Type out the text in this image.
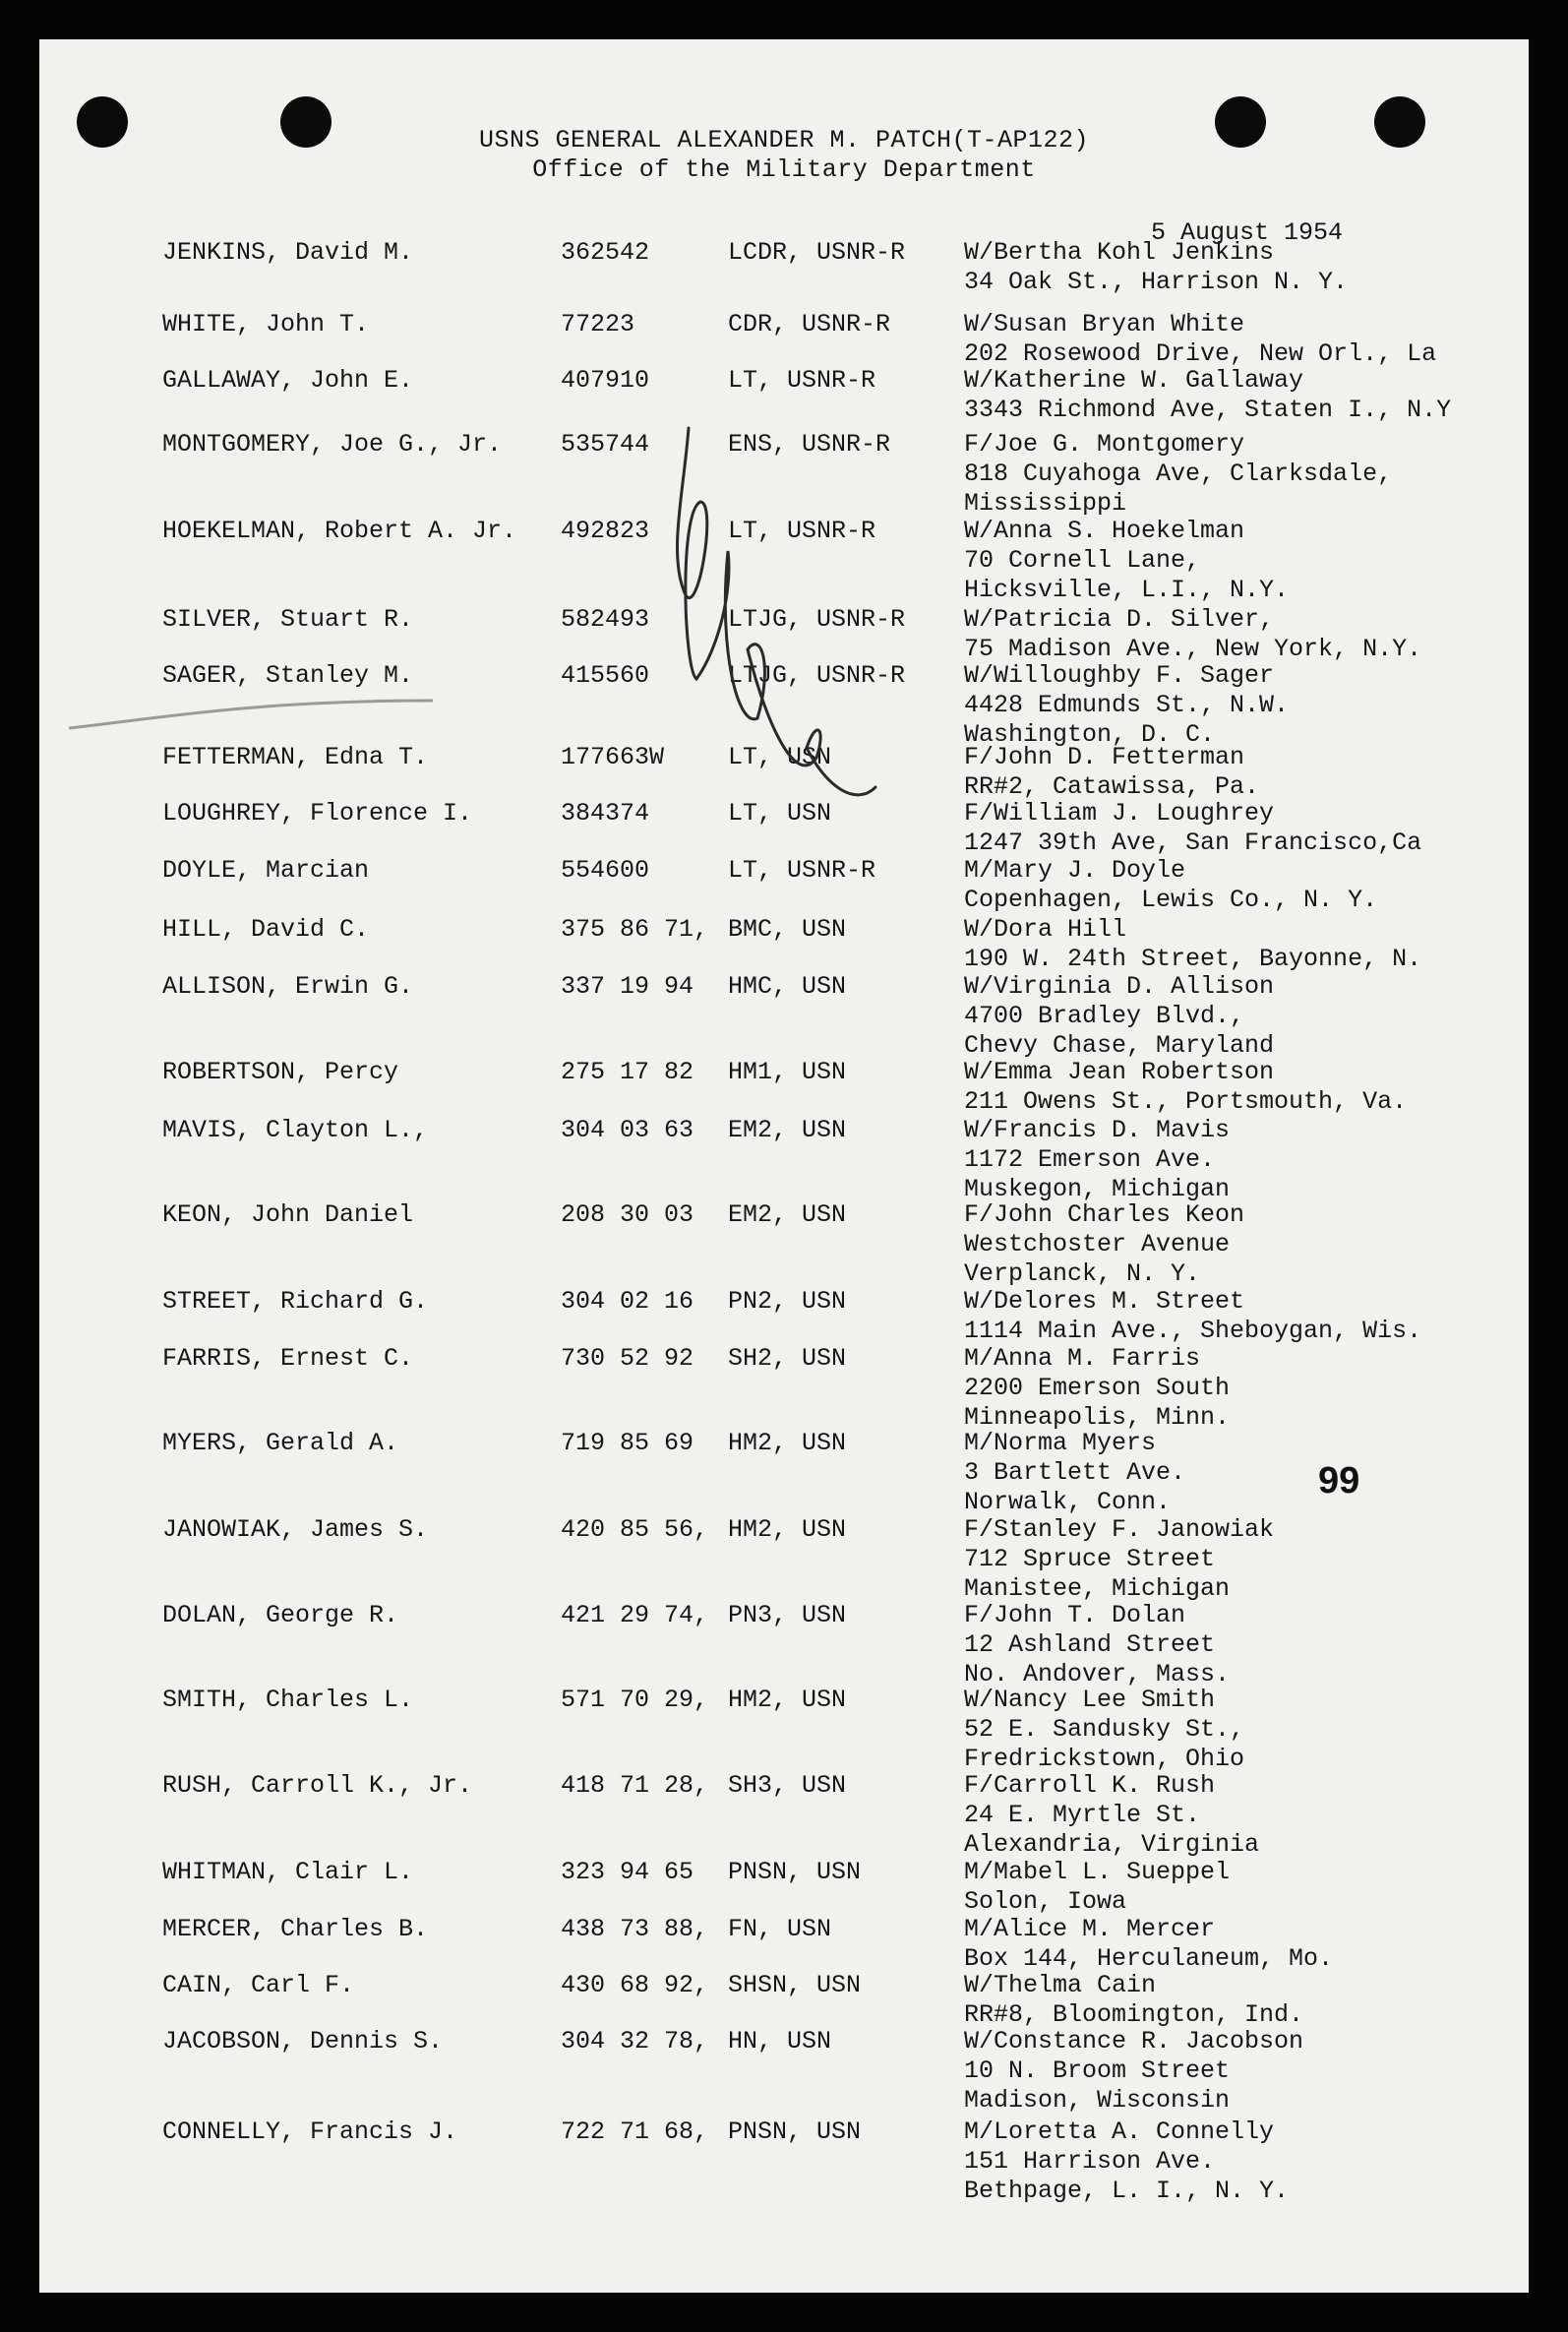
USNS GENERAL ALEXANDER M. PATCH(T-AP122)
Office of the Military Department
5 August 1954
JENKINS, David M.	362542	LCDR, USNR-R W/Bertha Kohl Jenkins
34 Oak St., Harrison N. Y.
WHITE, John T.	77223	CDR, USNR-R	W/Susan Bryan White
202 Rosewood Drive, New Orl., La
GALLAWAY, John E.	407910	LT, USNR-R	W/Katherine W. Gallaway
3343 Richmond Ave, Staten I., N.Y
MONTGOMERY, Joe G., Jr. 535744	ENS, USNR-R	F/Joe G. Montgomery
818 Cuyahoga Ave, Clarksdale,
Mississippi
HOEKELMAN, Robert A. Jr. 492823	LT, USNR-R	W/Anna S. Hoekelman
70 Cornell Lane,
Hicksville, L.I., N.Y.
SILVER, Stuart R.	582493	LTJG, USNR-R W/Patricia D. Silver,
75 Madison Ave., New York, N.Y.
SAGER, Stanley M.	415560	LTJG, USNR-R W/Willoughby F. Sager
4428 Edmunds St., N.W.
Washington, D. C.
FETTERMAN, Edna T.	177663W	LT, USN	F/John D. Fetterman
RR#2, Catawissa, Pa.
LOUGHREY, Florence I.	384374	LT, USN	F/William J. Loughrey
1247 39th Ave, San Francisco,Ca
DOYLE, Marcian	554600	LT, USNR-R	M/Mary J. Doyle
Copenhagen, Lewis Co., N. Y.
HILL, David C.	375 86 71, BMC, USN	W/Dora Hill
190 W. 24th Street, Bayonne, N.
ALLISON, Erwin G.	337 19 94 HMC, USN	W/Virginia D. Allison
4700 Bradley Blvd.,
Chevy Chase, Maryland
ROBERTSON, Percy	275 17 82 HM1, USN	W/Emma Jean Robertson
211 Owens St., Portsmouth, Va.
MAVIS, Clayton L.,	304 03 63 EM2, USN	W/Francis D. Mavis
1172 Emerson Ave.
Muskegon, Michigan
KEON, John Daniel	208 30 03 EM2, USN	F/John Charles Keon
Westchoster Avenue
Verplanck, N. Y.
STREET, Richard G.	304 02 16 PN2, USN	W/Delores M. Street
1114 Main Ave., Sheboygan, Wis.
FARRIS, Ernest C.	730 52 92 SH2, USN	M/Anna M. Farris
2200 Emerson South
Minneapolis, Minn.
MYERS, Gerald A.	719 85 69 HM2, USN	M/Norma Myers
3 Bartlett Ave.
Norwalk, Conn.
JANOWIAK, James S.	420 85 56, HM2, USN	F/Stanley F. Janowiak
712 Spruce Street
Manistee, Michigan
DOLAN, George R.	421 29 74, PN3, USN	F/John T. Dolan
12 Ashland Street
No. Andover, Mass.
SMITH, Charles L.	571 70 29, HM2, USN	W/Nancy Lee Smith
52 E. Sandusky St.,
Fredrickstown, Ohio
RUSH, Carroll K., Jr.	418 71 28, SH3, USN	F/Carroll K. Rush
24 E. Myrtle St.
Alexandria, Virginia
WHITMAN, Clair L.	323 94 65 PNSN, USN	M/Mabel L. Sueppel
Solon, Iowa
MERCER, Charles B.	438 73 88, FN, USN	M/Alice M. Mercer
Box 144, Herculaneum, Mo.
CAIN, Carl F.	430 68 92, SHSN, USN	W/Thelma Cain
RR#8, Bloomington, Ind.
JACOBSON, Dennis S.	304 32 78, HN, USN	W/Constance R. Jacobson
10 N. Broom Street
Madison, Wisconsin
CONNELLY, Francis J.	722 71 68, PNSN, USN	M/Loretta A. Connelly
151 Harrison Ave.
Bethpage, L. I., N. Y.
99
